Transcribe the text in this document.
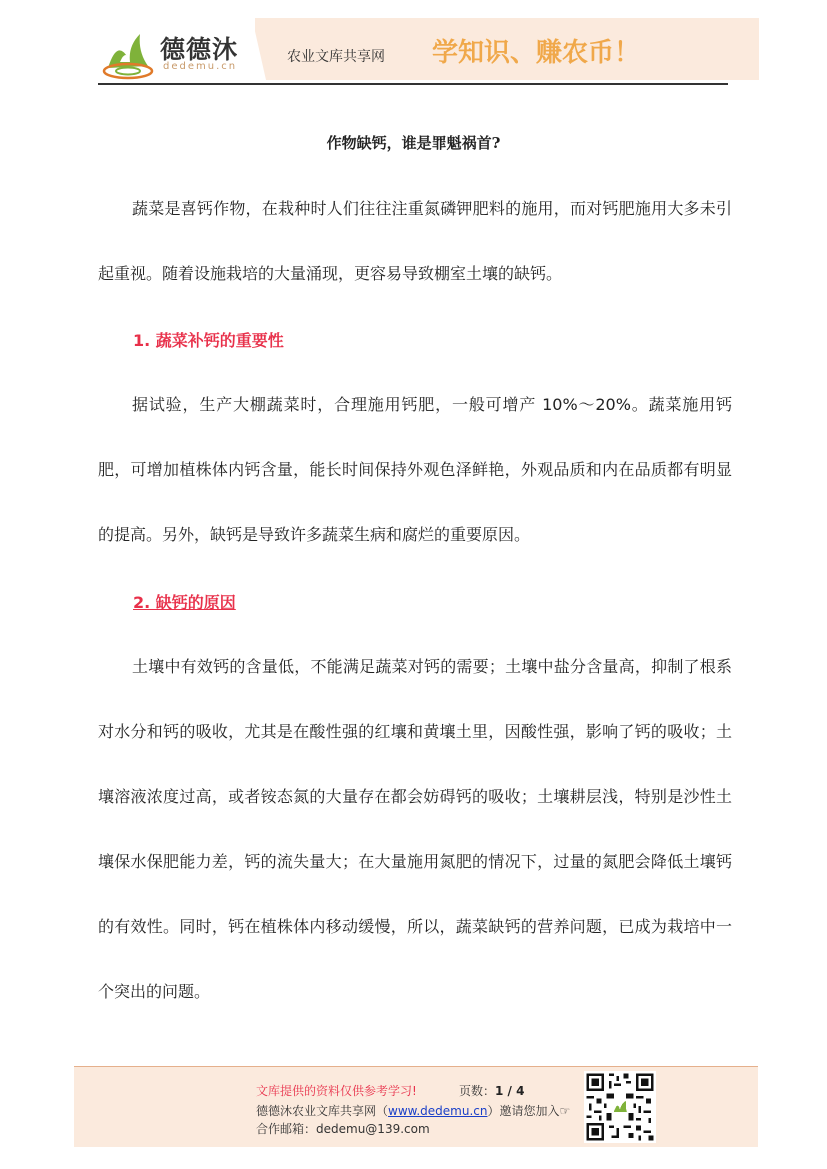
德德沐
dedemu.cn
农业文库共享网 学知识、赚农币！
作物缺钙，谁是罪魁祸首?

蔬菜是喜钙作物，在栽种时人们往往注重氮磷钾肥料的施用，而对钙肥施用大多未引起重视。随着设施栽培的大量涌现，更容易导致棚室土壤的缺钙。

1. 蔬菜补钙的重要性

据试验，生产大棚蔬菜时，合理施用钙肥，一般可增产 10%～20%。蔬菜施用钙肥，可增加植株体内钙含量，能长时间保持外观色泽鲜艳，外观品质和内在品质都有明显的提高。另外，缺钙是导致许多蔬菜生病和腐烂的重要原因。

2. 缺钙的原因

土壤中有效钙的含量低，不能满足蔬菜对钙的需要；土壤中盐分含量高，抑制了根系对水分和钙的吸收，尤其是在酸性强的红壤和黄壤土里，因酸性强，影响了钙的吸收；土壤溶液浓度过高，或者铵态氮的大量存在都会妨碍钙的吸收；土壤耕层浅，特别是沙性土壤保水保肥能力差，钙的流失量大；在大量施用氮肥的情况下，过量的氮肥会降低土壤钙的有效性。同时，钙在植株体内移动缓慢，所以，蔬菜缺钙的营养问题，已成为栽培中一个突出的问题。

文库提供的资料仅供参考学习!	页数：1 / 4
德德沐农业文库共享网（www.dedemu.cn）邀请您加入☞
合作邮箱：dedemu@139.com
